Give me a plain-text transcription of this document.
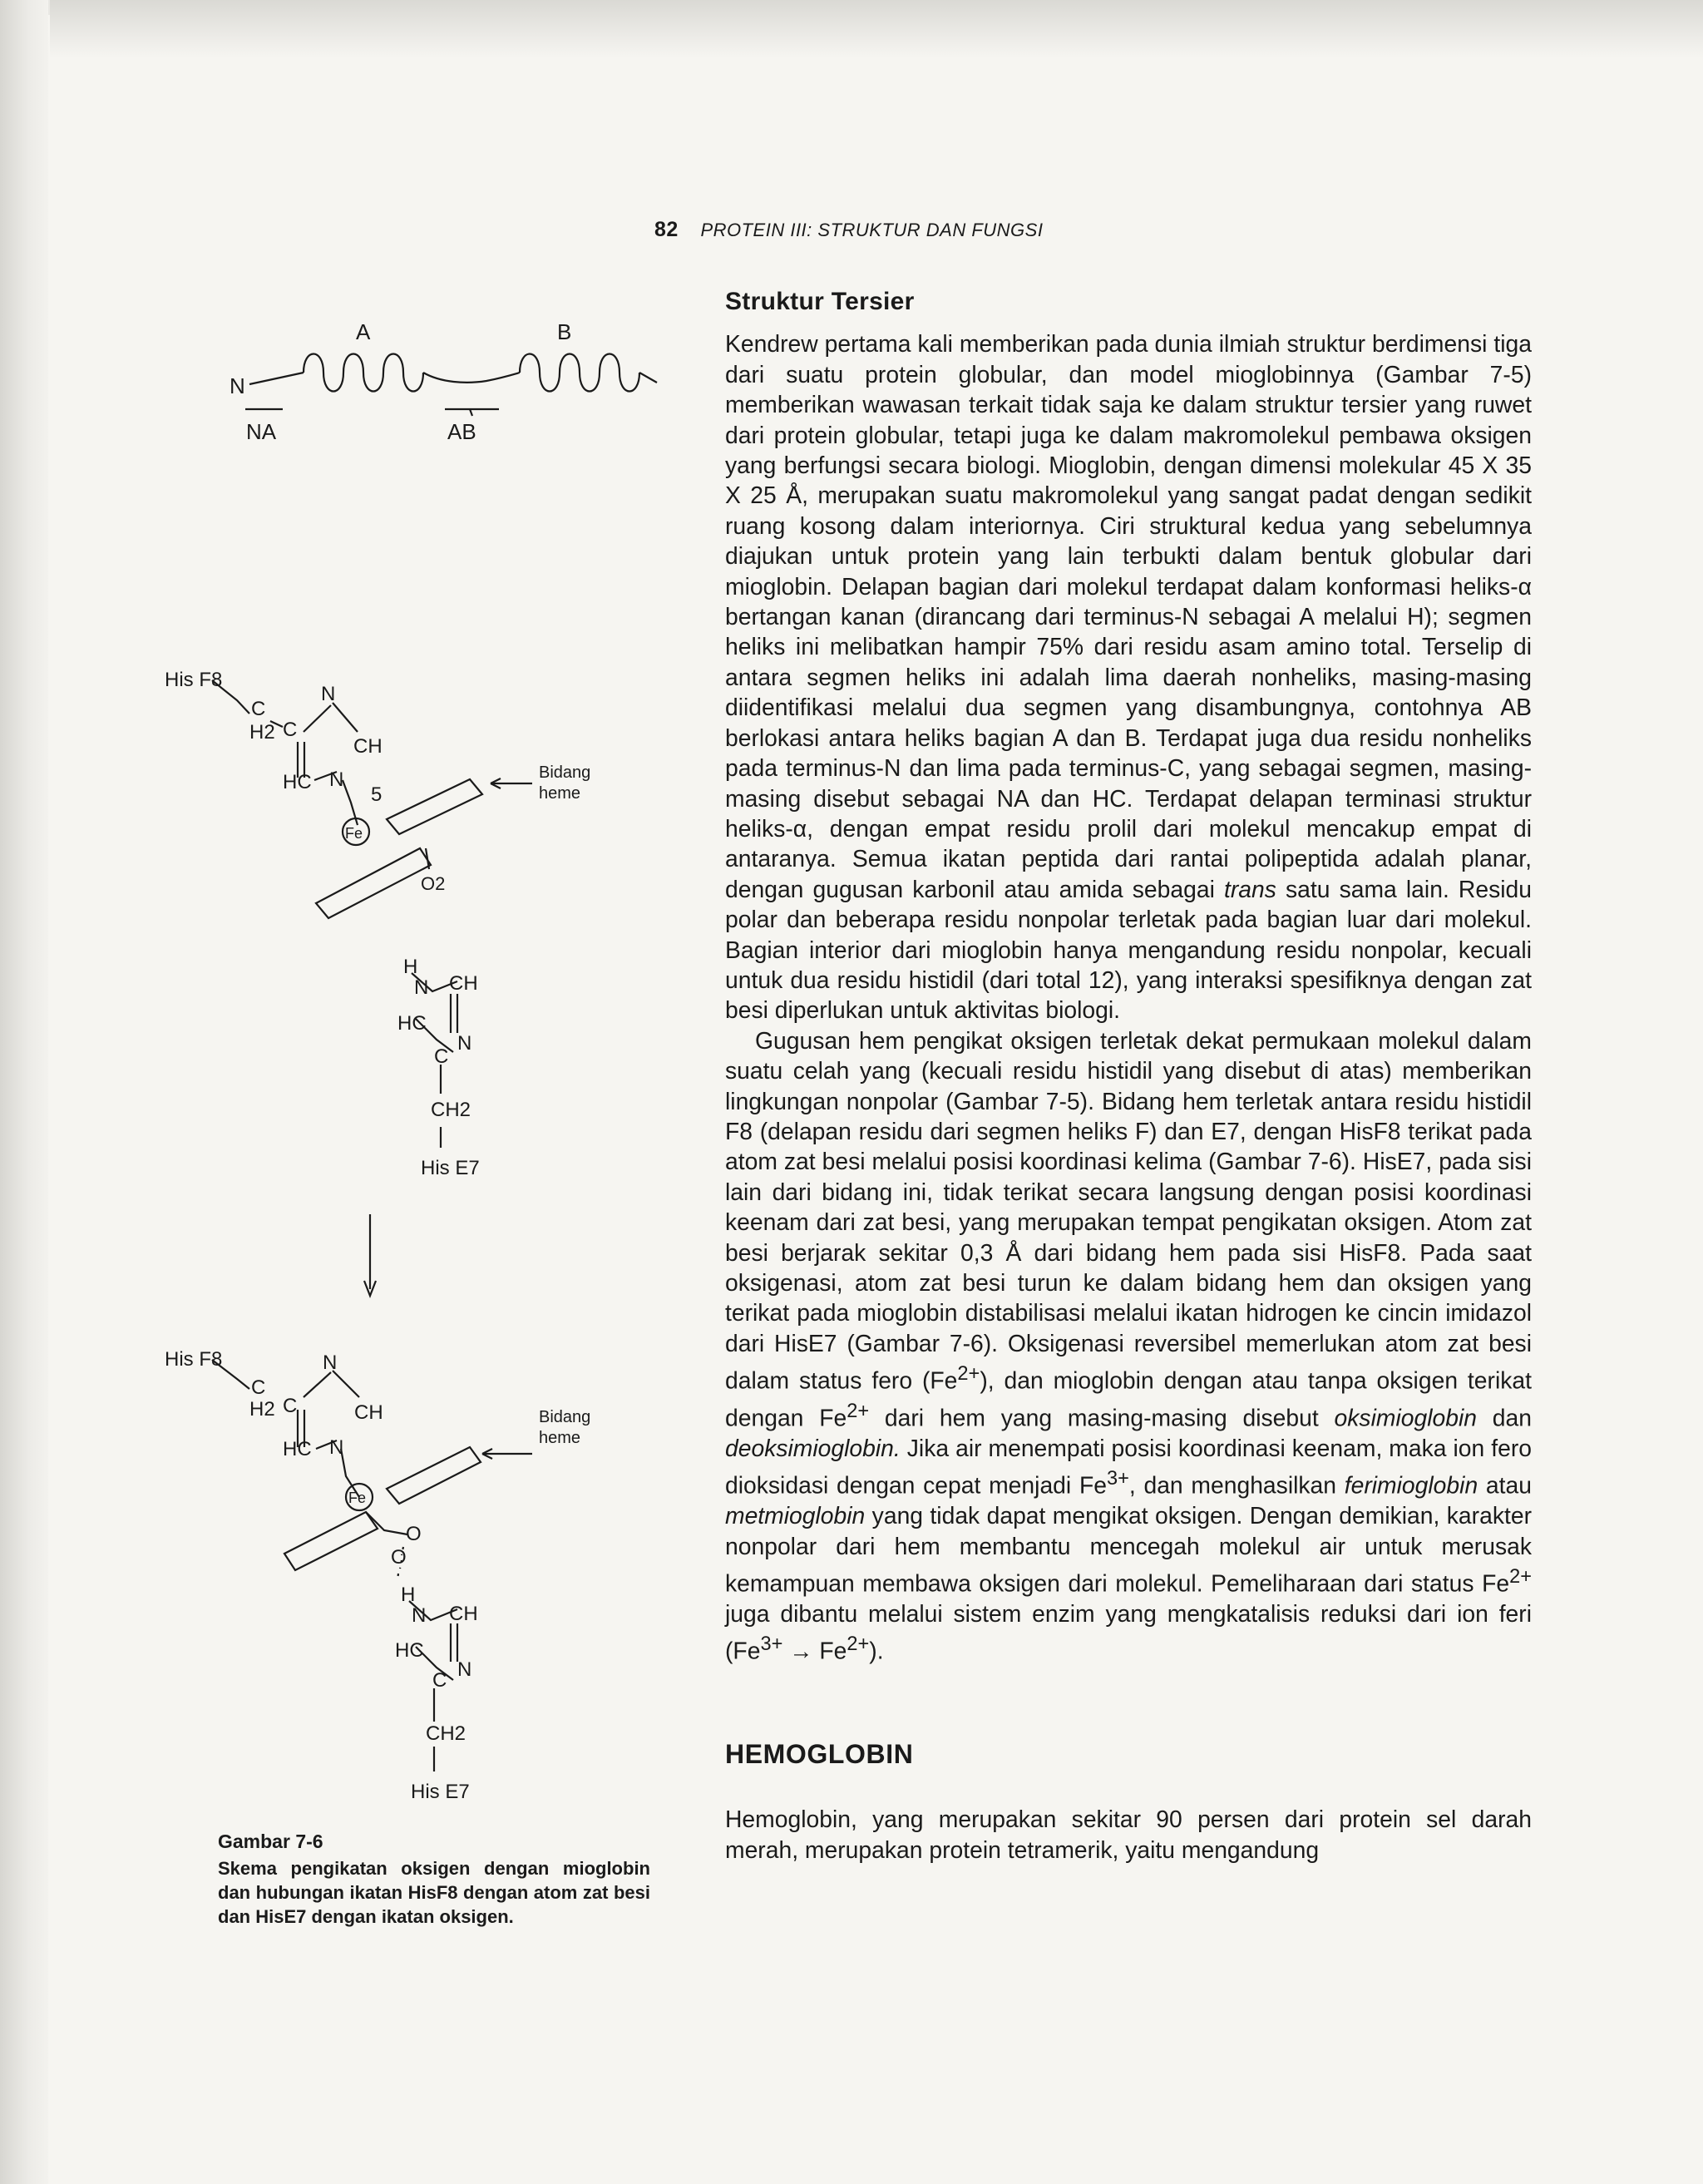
82 PROTEIN III: STRUKTUR DAN FUNGSI
A	B
N
NA	AB
His F8
C
H2 C
N
CH
HC N
5
Fe
O2
Bidang
heme
H
N CH
HC
N
C
CH2
His E7
His F8
C
H2 C
N
CH
HC N
Fe
O
O
Bidang
heme
H
N CH
HC
N
C
CH2
His E7
Gambar 7-6
Skema pengikatan oksigen dengan mioglobin dan hubungan ikatan HisF8 dengan atom zat besi dan HisE7 dengan ikatan oksigen.
Struktur Tersier

Kendrew pertama kali memberikan pada dunia ilmiah struktur berdimensi tiga dari suatu protein globular, dan model mioglobinnya (Gambar 7-5) memberikan wawasan terkait tidak saja ke dalam struktur tersier yang ruwet dari protein globular, tetapi juga ke dalam makromolekul pembawa oksigen yang berfungsi secara biologi. Mioglobin, dengan dimensi molekular 45 X 35 X 25 Å, merupakan suatu makromolekul yang sangat padat dengan sedikit ruang kosong dalam interiornya. Ciri struktural kedua yang sebelumnya diajukan untuk protein yang lain terbukti dalam bentuk globular dari mioglobin. Delapan bagian dari molekul terdapat dalam konformasi heliks-α bertangan kanan (dirancang dari terminus-N sebagai A melalui H); segmen heliks ini melibatkan hampir 75% dari residu asam amino total. Terselip di antara segmen heliks ini adalah lima daerah nonheliks, masing-masing diidentifikasi melalui dua segmen yang disambungnya, contohnya AB berlokasi antara heliks bagian A dan B. Terdapat juga dua residu nonheliks pada terminus-N dan lima pada terminus-C, yang sebagai segmen, masing-masing disebut sebagai NA dan HC. Terdapat delapan terminasi struktur heliks-α, dengan empat residu prolil dari molekul mencakup empat di antaranya. Semua ikatan peptida dari rantai polipeptida adalah planar, dengan gugusan karbonil atau amida sebagai trans satu sama lain. Residu polar dan beberapa residu nonpolar terletak pada bagian luar dari molekul. Bagian interior dari mioglobin hanya mengandung residu nonpolar, kecuali untuk dua residu histidil (dari total 12), yang interaksi spesifiknya dengan zat besi diperlukan untuk aktivitas biologi.

Gugusan hem pengikat oksigen terletak dekat permukaan molekul dalam suatu celah yang (kecuali residu histidil yang disebut di atas) memberikan lingkungan nonpolar (Gambar 7-5). Bidang hem terletak antara residu histidil F8 (delapan residu dari segmen heliks F) dan E7, dengan HisF8 terikat pada atom zat besi melalui posisi koordinasi kelima (Gambar 7-6). HisE7, pada sisi lain dari bidang ini, tidak terikat secara langsung dengan posisi koordinasi keenam dari zat besi, yang merupakan tempat pengikatan oksigen. Atom zat besi berjarak sekitar 0,3 Å dari bidang hem pada sisi HisF8. Pada saat oksigenasi, atom zat besi turun ke dalam bidang hem dan oksigen yang terikat pada mioglobin distabilisasi melalui ikatan hidrogen ke cincin imidazol dari HisE7 (Gambar 7-6). Oksigenasi reversibel memerlukan atom zat besi dalam status fero $(Fe^{2+})$, dan mioglobin dengan atau tanpa oksigen terikat dengan $Fe^{2+}$ dari hem yang masing-masing disebut oksimioglobin dan deoksimioglobin. Jika air menempati posisi koordinasi keenam, maka ion fero dioksidasi dengan cepat menjadi $Fe^{3+}$, dan menghasilkan ferimioglobin atau metmioglobin yang tidak dapat mengikat oksigen. Dengan demikian, karakter nonpolar dari hem membantu mencegah molekul air untuk merusak kemampuan membawa oksigen dari molekul. Pemeliharaan dari status $Fe^{2+}$ juga dibantu melalui sistem enzim yang mengkatalisis reduksi dari ion feri $(Fe^{3+} \to Fe^{2+})$.

HEMOGLOBIN

Hemoglobin, yang merupakan sekitar 90 persen dari protein sel darah merah, merupakan protein tetramerik, yaitu mengandung
